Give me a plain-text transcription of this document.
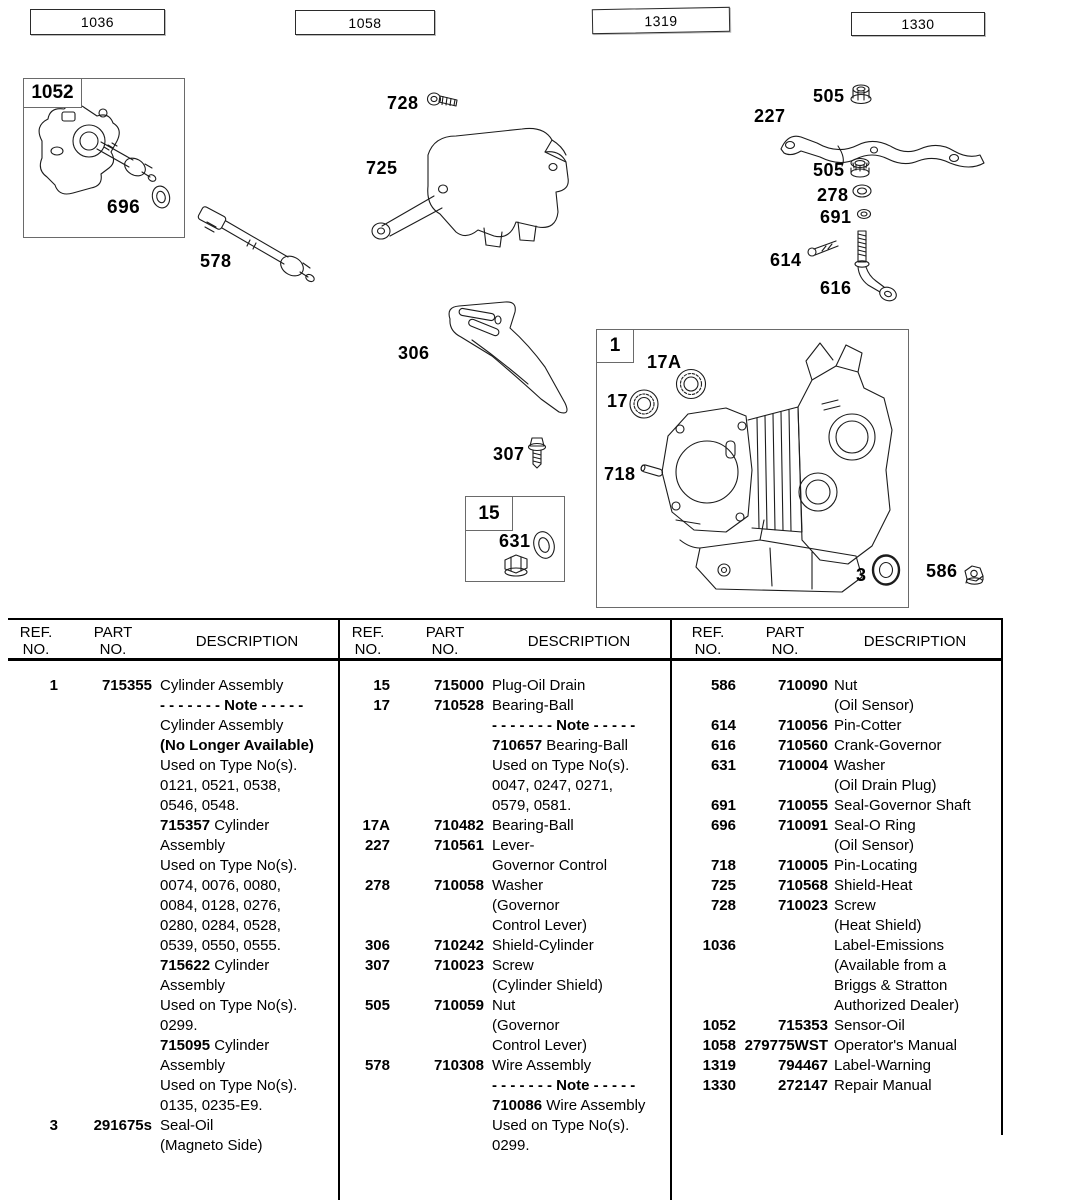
1036	1058	1319	1330
1052
15
1
696
728
725
578
306
307
631
17A
17
718
3	586
227
505
505
278
691
614
616
REF.
NO.
PART
NO.	DESCRIPTION
1	715355 Cylinder Assembly
- - - - - - - Note - - - - -
Cylinder Assembly
(No Longer Available)
Used on Type No(s).
0121, 0521, 0538,
0546, 0548.
715357 Cylinder
Assembly
Used on Type No(s).
0074, 0076, 0080,
0084, 0128, 0276,
0280, 0284, 0528,
0539, 0550, 0555.
715622 Cylinder
Assembly
Used on Type No(s).
0299.
715095 Cylinder
Assembly
Used on Type No(s).
0135, 0235-E9.
3	291675s Seal-Oil
(Magneto Side)
REF.
NO.
PART
NO.	DESCRIPTION
15	715000 Plug-Oil Drain
17	710528 Bearing-Ball
- - - - - - - Note - - - - -
710657 Bearing-Ball
Used on Type No(s).
0047, 0247, 0271,
0579, 0581.
17A	710482 Bearing-Ball
227	710561 Lever-
Governor Control
278	710058 Washer
(Governor
Control Lever)
306	710242 Shield-Cylinder
307	710023 Screw
(Cylinder Shield)
505	710059 Nut
(Governor
Control Lever)
578	710308 Wire Assembly
- - - - - - - Note - - - - -
710086 Wire Assembly
Used on Type No(s).
0299.
REF.
NO.
PART
NO.	DESCRIPTION
586	710090 Nut
(Oil Sensor)
614	710056 Pin-Cotter
616	710560 Crank-Governor
631	710004 Washer
(Oil Drain Plug)
691	710055 Seal-Governor Shaft
696	710091 Seal-O Ring
(Oil Sensor)
718	710005 Pin-Locating
725	710568 Shield-Heat
728	710023 Screw
(Heat Shield)
1036	Label-Emissions
(Available from a
Briggs & Stratton
Authorized Dealer)
1052	715353 Sensor-Oil
1058 279775WST Operator's Manual
1319	794467 Label-Warning
1330	272147 Repair Manual
